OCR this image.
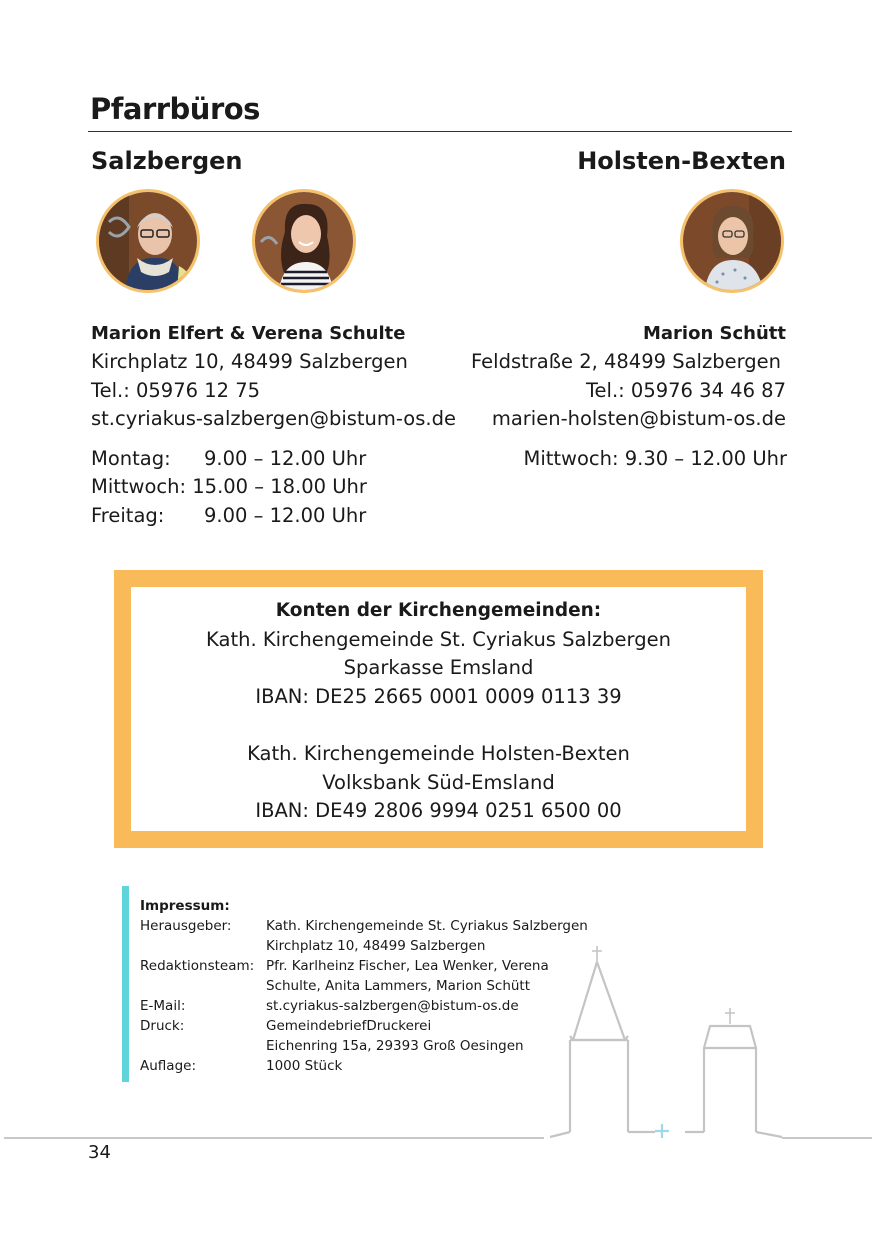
Pfarrbüros
Salzbergen	Holsten-Bexten
Marion Elfert & Verena Schulte
Kirchplatz 10, 48499 Salzbergen
Tel.: 05976 12 75
st.cyriakus-salzbergen@bistum-os.de
Montag: 9.00 – 12.00 Uhr
Mittwoch: 15.00 – 18.00 Uhr
Freitag: 9.00 – 12.00 Uhr
Marion Schütt
Feldstraße 2, 48499 Salzbergen
Tel.: 05976 34 46 87
marien-holsten@bistum-os.de
Mittwoch: 9.30 – 12.00 Uhr
Konten der Kirchengemeinden:
Kath. Kirchengemeinde St. Cyriakus Salzbergen
Sparkasse Emsland
IBAN: DE25 2665 0001 0009 0113 39
Kath. Kirchengemeinde Holsten-Bexten
Volksbank Süd-Emsland
IBAN: DE49 2806 9994 0251 6500 00
Impressum:
Herausgeber:	Kath. Kirchengemeinde St. Cyriakus Salzbergen
Kirchplatz 10, 48499 Salzbergen
Redaktionsteam: Pfr. Karlheinz Fischer, Lea Wenker, Verena
Schulte, Anita Lammers, Marion Schütt
E-Mail:	st.cyriakus-salzbergen@bistum-os.de
Druck:	GemeindebriefDruckerei
Eichenring 15a, 29393 Groß Oesingen
Auflage:	1000 Stück
34
